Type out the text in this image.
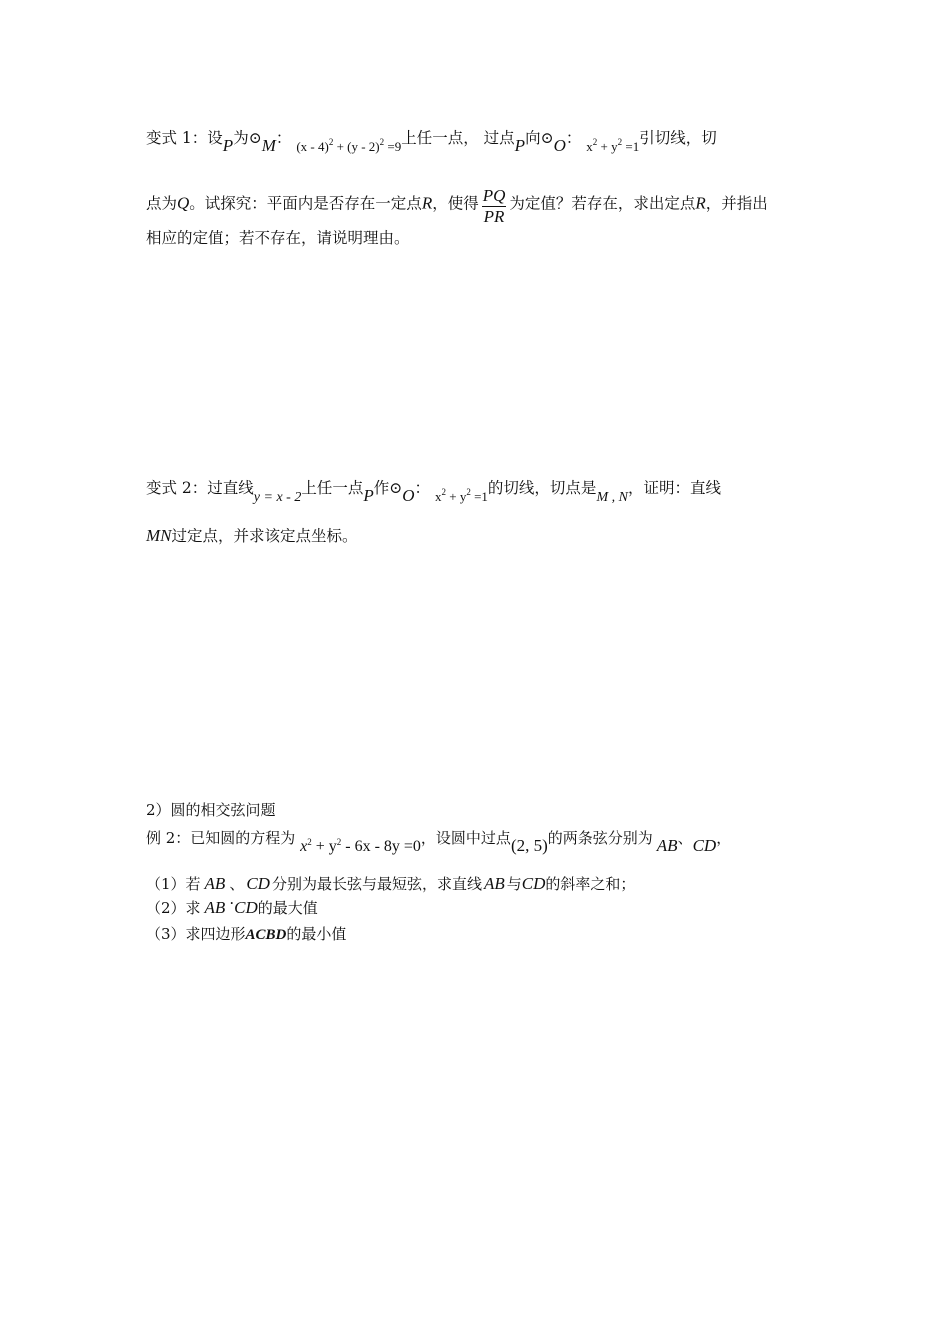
变式 1：设P为⊙M： $_{(x - 4)^2 + (y - 2)^2 =9}$上任一点， 过点P向⊙O： $_{x^2 + y^2 =1}$引切线，切
点为Q。试探究：平面内是否存在一定点R，使得 $\frac{PQ}{PR}$ 为定值？若存在，求出定点R，并指出
相应的定值；若不存在，请说明理由。
变式 2：过直线y = x - 2上任一点P作⊙O： $_{x^2 + y^2 =1}$的切线，切点是M , N，证明：直线
MN过定点，并求该定点坐标。
2）圆的相交弦问题
例 2：已知圆的方程为 $x^2 + y^2 - 6x - 8y =0$，设圆中过点(2, 5)的两条弦分别为 AB、CD，
（1）若 AB 、 CD 分别为最长弦与最短弦，求直线 AB 与CD的斜率之和；
（2）求 AB ·CD的最大值
（3）求四边形ACBD的最小值
